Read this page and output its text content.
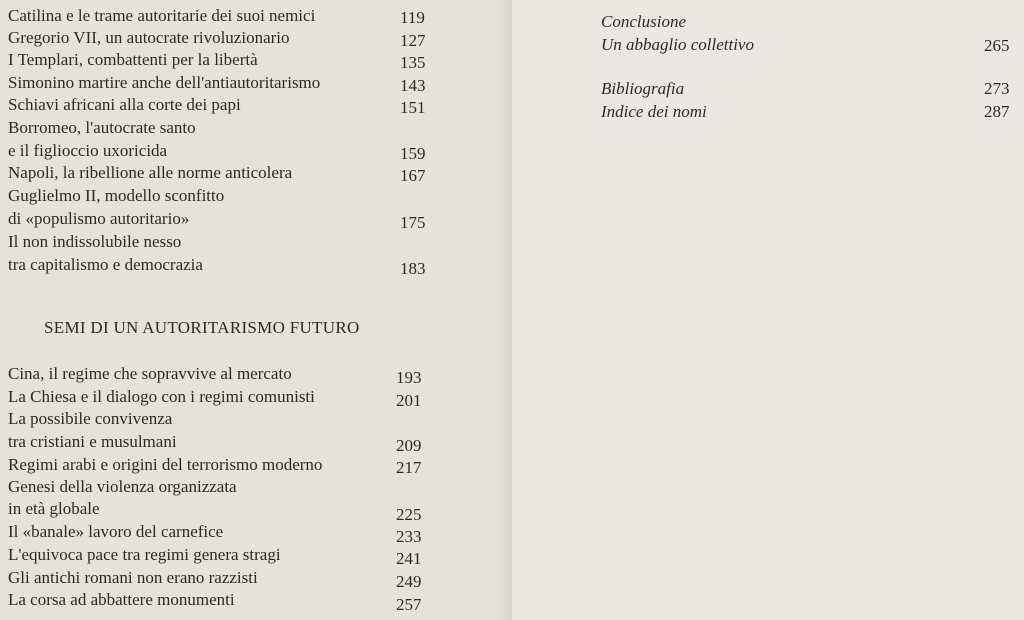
Catilina e le trame autoritarie dei suoi nemici	119
Gregorio VII, un autocrate rivoluzionario	127
I Templari, combattenti per la libertà	135
Simonino martire anche dell'antiautoritarismo	143
Schiavi africani alla corte dei papi	151
Borromeo, l'autocrate santo
e il figliocci​o uxoricida	159
Napoli, la ribellione alle norme anticolera	167
Guglielmo II, modello sconfitto
di «populismo autoritario»	175
Il non indissolubile nesso
tra capitalismo e democrazia	183
SEMI DI UN AUTORITARISMO FUTURO
Cina, il regime che sopravvive al mercato	193
La Chiesa e il dialogo con i regimi comunisti	201
La possibile convivenza
tra cristiani e musulmani	209
Regimi arabi e origini del terrorismo moderno	217
Genesi della violenza organizzata
in età globale	225
Il «banale» lavoro del carnefice	233
L'equivoca pace tra regimi genera stragi	241
Gli antichi romani non erano razzisti	249
La corsa ad abbattere monumenti	257
Conclusione
Un abbaglio collettivo	265
Bibliografia	273
Indice dei nomi	287
